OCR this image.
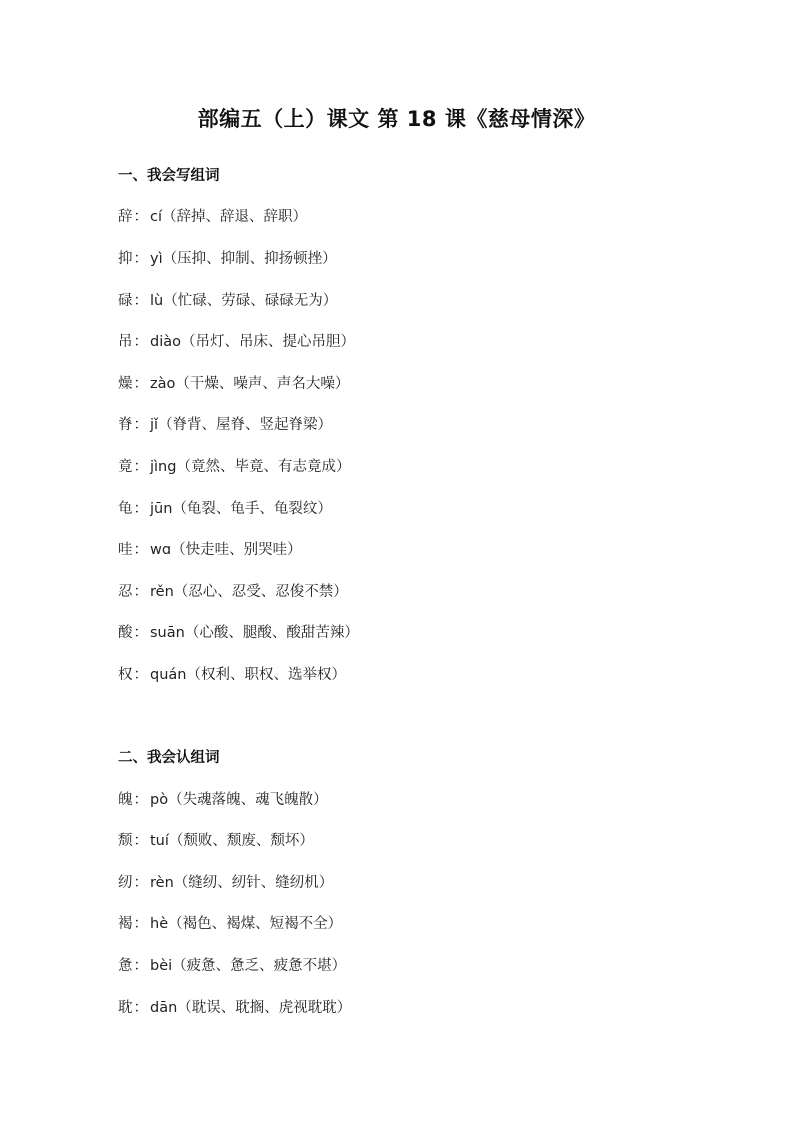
部编五（上）课文 第 18 课《慈母情深》
一、我会写组词
辞： cí（辞掉、辞退、辞职）
抑： yì（压抑、抑制、抑扬顿挫）
碌： lù（忙碌、劳碌、碌碌无为）
吊： diào（吊灯、吊床、提心吊胆）
燥： zào（干燥、噪声、声名大噪）
脊： jǐ（脊背、屋脊、竖起脊梁）
竟： jìng（竟然、毕竟、有志竟成）
龟： jūn（龟裂、龟手、龟裂纹）
哇： wɑ（快走哇、别哭哇）
忍： rěn（忍心、忍受、忍俊不禁）
酸： suān（心酸、腿酸、酸甜苦辣）
权： quán（权利、职权、选举权）
二、我会认组词
魄： pò（失魂落魄、魂飞魄散）
颓： tuí（颓败、颓废、颓坏）
纫： rèn（缝纫、纫针、缝纫机）
褐： hè（褐色、褐煤、短褐不全）
惫： bèi（疲惫、惫乏、疲惫不堪）
耽： dān（耽误、耽搁、虎视耽耽）
